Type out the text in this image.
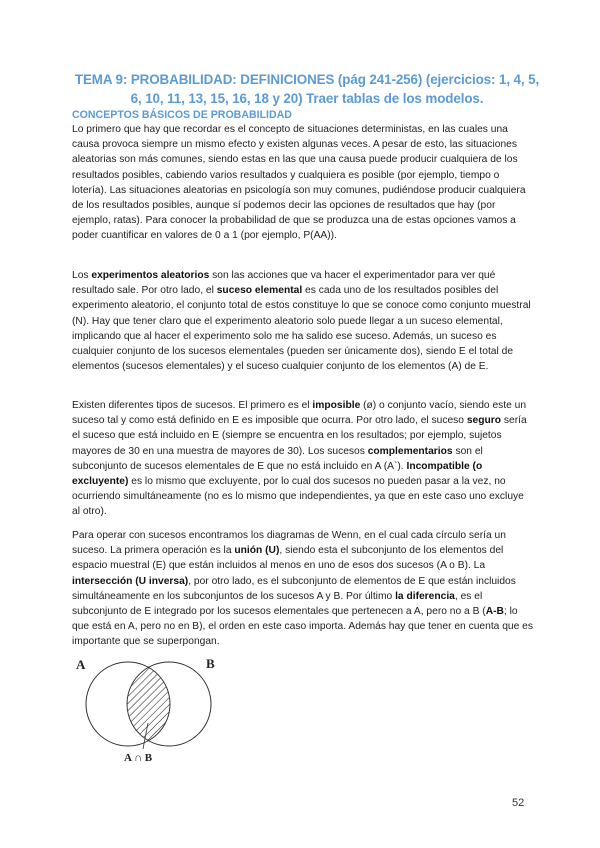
TEMA 9: PROBABILIDAD: DEFINICIONES (pág 241-256) (ejercicios: 1, 4, 5, 6, 10, 11, 13, 15, 16, 18 y 20) Traer tablas de los modelos.
CONCEPTOS BÁSICOS DE PROBABILIDAD

Lo primero que hay que recordar es el concepto de situaciones deterministas, en las cuales una causa provoca siempre un mismo efecto y existen algunas veces. A pesar de esto, las situaciones aleatorias son más comunes, siendo estas en las que una causa puede producir cualquiera de los resultados posibles, cabiendo varios resultados y cualquiera es posible (por ejemplo, tiempo o lotería). Las situaciones aleatorias en psicología son muy comunes, pudiéndose producir cualquiera de los resultados posibles, aunque sí podemos decir las opciones de resultados que hay (por ejemplo, ratas). Para conocer la probabilidad de que se produzca una de estas opciones vamos a poder cuantificar en valores de 0 a 1 (por ejemplo, P(AA)).

Los experimentos aleatorios son las acciones que va hacer el experimentador para ver qué resultado sale. Por otro lado, el suceso elemental es cada uno de los resultados posibles del experimento aleatorio, el conjunto total de estos constituye lo que se conoce como conjunto muestral (N). Hay que tener claro que el experimento aleatorio solo puede llegar a un suceso elemental, implicando que al hacer el experimento solo me ha salido ese suceso. Además, un suceso es cualquier conjunto de los sucesos elementales (pueden ser únicamente dos), siendo E el total de elementos (sucesos elementales) y el suceso cualquier conjunto de los elementos (A) de E.

Existen diferentes tipos de sucesos. El primero es el imposible (ø) o conjunto vacío, siendo este un suceso tal y como está definido en E es imposible que ocurra. Por otro lado, el suceso seguro sería el suceso que está incluido en E (siempre se encuentra en los resultados; por ejemplo, sujetos mayores de 30 en una muestra de mayores de 30). Los sucesos complementarios son el subconjunto de sucesos elementales de E que no está incluido en A (A`). Incompatible (o excluyente) es lo mismo que excluyente, por lo cual dos sucesos no pueden pasar a la vez, no ocurriendo simultáneamente (no es lo mismo que independientes, ya que en este caso uno excluye al otro).

Para operar con sucesos encontramos los diagramas de Wenn, en el cual cada círculo sería un suceso. La primera operación es la unión (U), siendo esta el subconjunto de los elementos del espacio muestral (E) que están incluidos al menos en uno de esos dos sucesos (A o B). La intersección (U inversa), por otro lado, es el subconjunto de elementos de E que están incluidos simultáneamente en los subconjuntos de los sucesos A y B. Por último la diferencia, es el subconjunto de E integrado por los sucesos elementales que pertenecen a A, pero no a B (A-B; lo que está en A, pero no en B), el orden en este caso importa. Además hay que tener en cuenta que es importante que se superpongan.

A	B
A ∩ B
52
